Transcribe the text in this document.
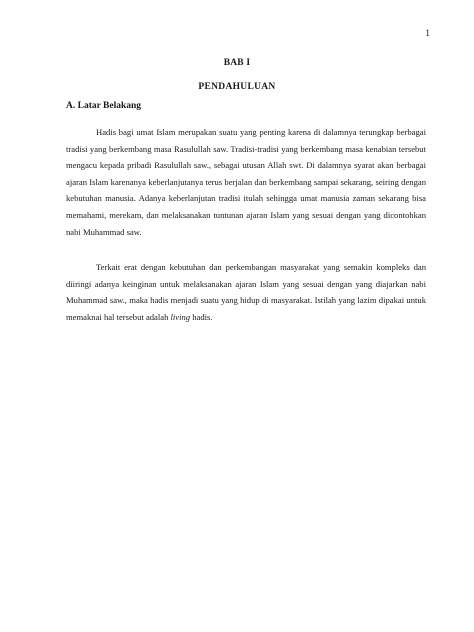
1
BAB I
PENDAHULUAN
A. Latar Belakang

Hadis bagi umat Islam merupakan suatu yang penting karena di dalamnya terungkap berbagai tradisi yang berkembang masa Rasulullah saw. Tradisi-tradisi yang berkembang masa kenabian tersebut mengacu kepada pribadi Rasulullah saw., sebagai utusan Allah swt. Di dalamnya syarat akan berbagai ajaran Islam karenanya keberlanjutanya terus berjalan dan berkembang sampai sekarang, seiring dengan kebutuhan manusia. Adanya keberlanjutan tradisi itulah sehingga umat manusia zaman sekarang bisa memahami, merekam, dan melaksanakan tuntunan ajaran Islam yang sesuai dengan yang dicontohkan nabi Muhammad saw.

Terkait erat dengan kebutuhan dan perkembangan masyarakat yang semakin kompleks dan diiringi adanya keinginan untuk melaksanakan ajaran Islam yang sesuai dengan yang diajarkan nabi Muhammad saw., maka hadis menjadi suatu yang hidup di masyarakat. Istilah yang lazim dipakai untuk memaknai hal tersebut adalah living hadis.
